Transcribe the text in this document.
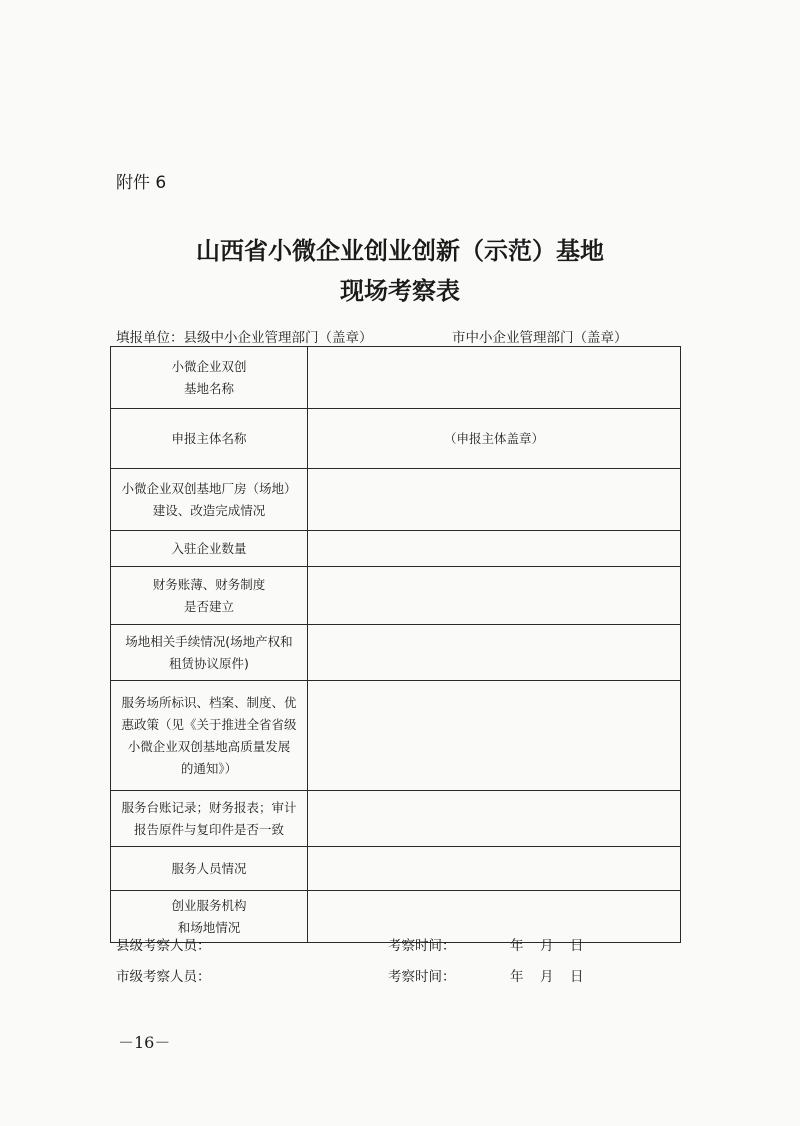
附件 6
山西省小微企业创业创新（示范）基地
现场考察表
填报单位：县级中小企业管理部门（盖章）	市中小企业管理部门（盖章）
小微企业双创
基地名称	

申报主体名称	（申报主体盖章）

小微企业双创基地厂房（场地）
建设、改造完成情况	

入驻企业数量	

财务账薄、财务制度
是否建立	

场地相关手续情况(场地产权和
租赁协议原件)	

服务场所标识、档案、制度、优
惠政策（见《关于推进全省省级
小微企业双创基地高质量发展
的通知》）	

服务台账记录；财务报表；审计
报告原件与复印件是否一致	

服务人员情况	

创业服务机构
和场地情况	

县级考察人员：	考察时间：	年 月 日
市级考察人员：	考察时间：	年 月 日
－16－
